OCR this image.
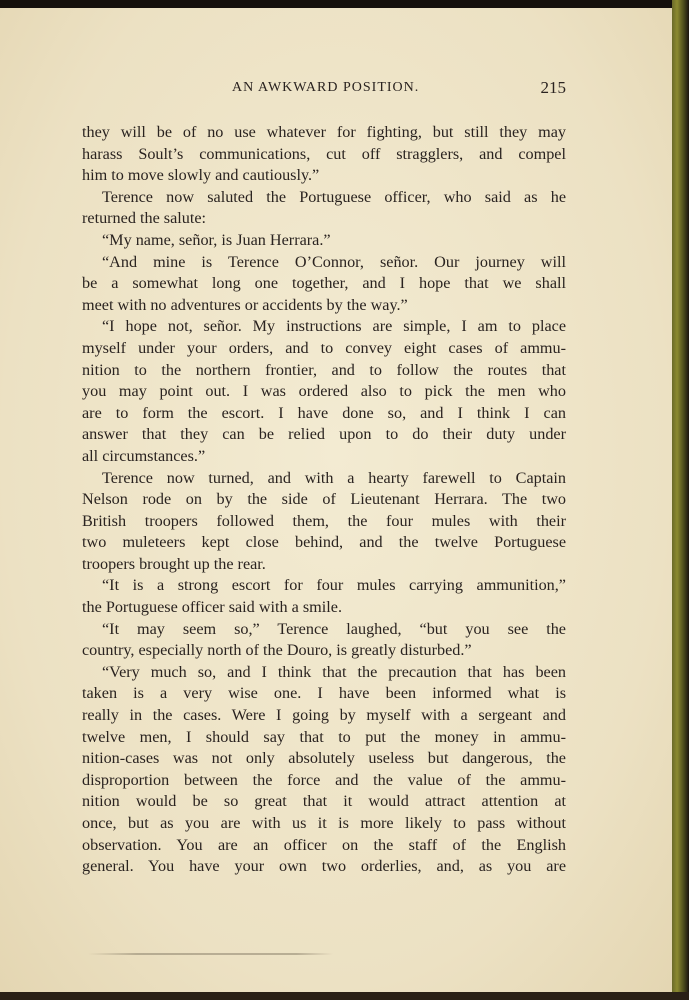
AN AWKWARD POSITION.	215
they will be of no use whatever for fighting, but still they may
harass Soult’s communications, cut off stragglers, and compel
him to move slowly and cautiously.”
Terence now saluted the Portuguese officer, who said as he
returned the salute:
“My name, señor, is Juan Herrara.”
“And mine is Terence O’Connor, señor. Our journey will
be a somewhat long one together, and I hope that we shall
meet with no adventures or accidents by the way.”
“I hope not, señor. My instructions are simple, I am to place
myself under your orders, and to convey eight cases of ammu-
nition to the northern frontier, and to follow the routes that
you may point out. I was ordered also to pick the men who
are to form the escort. I have done so, and I think I can
answer that they can be relied upon to do their duty under
all circumstances.”
Terence now turned, and with a hearty farewell to Captain
Nelson rode on by the side of Lieutenant Herrara. The two
British troopers followed them, the four mules with their
two muleteers kept close behind, and the twelve Portuguese
troopers brought up the rear.
“It is a strong escort for four mules carrying ammunition,”
the Portuguese officer said with a smile.
“It may seem so,” Terence laughed, “but you see the
country, especially north of the Douro, is greatly disturbed.”
“Very much so, and I think that the precaution that has been
taken is a very wise one. I have been informed what is
really in the cases. Were I going by myself with a sergeant and
twelve men, I should say that to put the money in ammu-
nition-cases was not only absolutely useless but dangerous, the
disproportion between the force and the value of the ammu-
nition would be so great that it would attract attention at
once, but as you are with us it is more likely to pass without
observation. You are an officer on the staff of the English
general. You have your own two orderlies, and, as you are
